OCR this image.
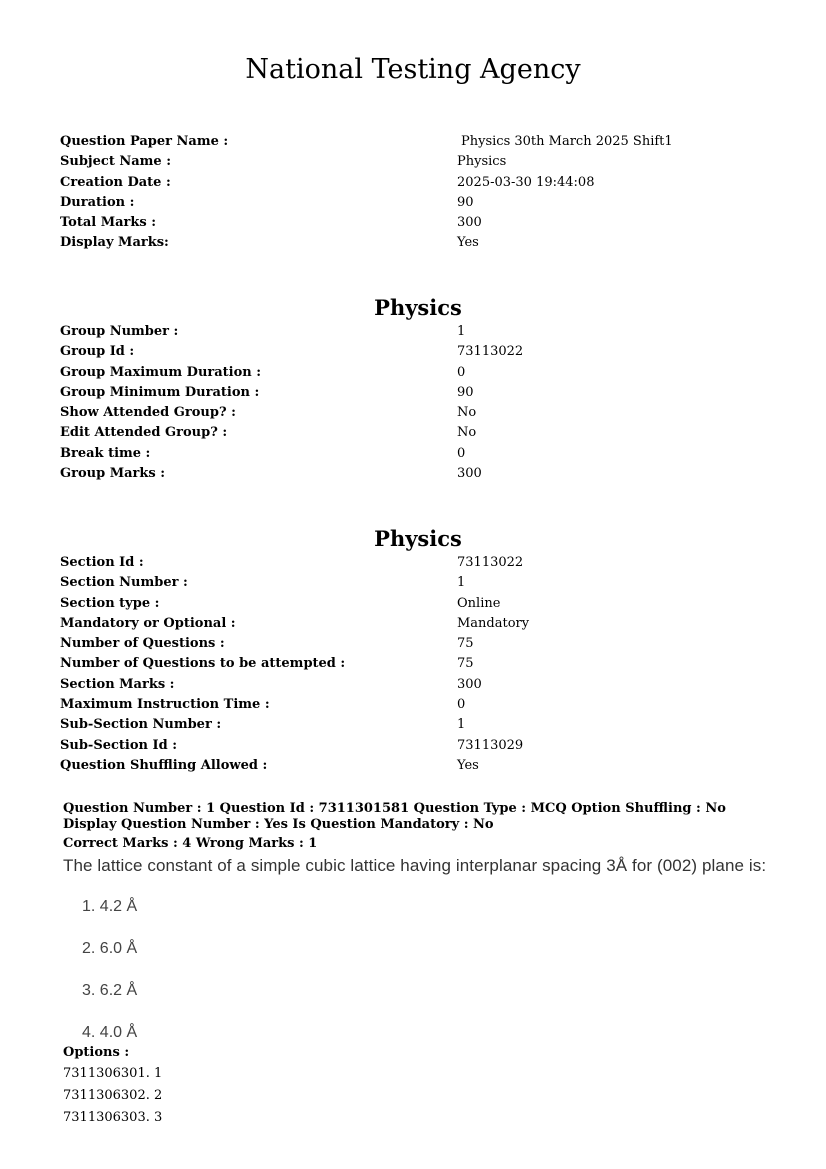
National Testing Agency
Question Paper Name :	Physics 30th March 2025 Shift1
Subject Name :	Physics
Creation Date :	2025-03-30 19:44:08
Duration :	90
Total Marks :	300
Display Marks:	Yes
Physics
Group Number :	1
Group Id :	73113022
Group Maximum Duration :	0
Group Minimum Duration :	90
Show Attended Group? :	No
Edit Attended Group? :	No
Break time :	0
Group Marks :	300
Physics
Section Id :	73113022
Section Number :	1
Section type :	Online
Mandatory or Optional :	Mandatory
Number of Questions :	75
Number of Questions to be attempted :	75
Section Marks :	300
Maximum Instruction Time :	0
Sub-Section Number :	1
Sub-Section Id :	73113029
Question Shuffling Allowed :	Yes
Question Number : 1 Question Id : 7311301581 Question Type : MCQ Option Shuffling : No Display Question Number : Yes Is Question Mandatory : No
Correct Marks : 4 Wrong Marks : 1
The lattice constant of a simple cubic lattice having interplanar spacing 3Å for (002) plane is:
1. 4.2 Å
2. 6.0 Å
3. 6.2 Å
4. 4.0 Å
Options :
7311306301. 1
7311306302. 2
7311306303. 3
